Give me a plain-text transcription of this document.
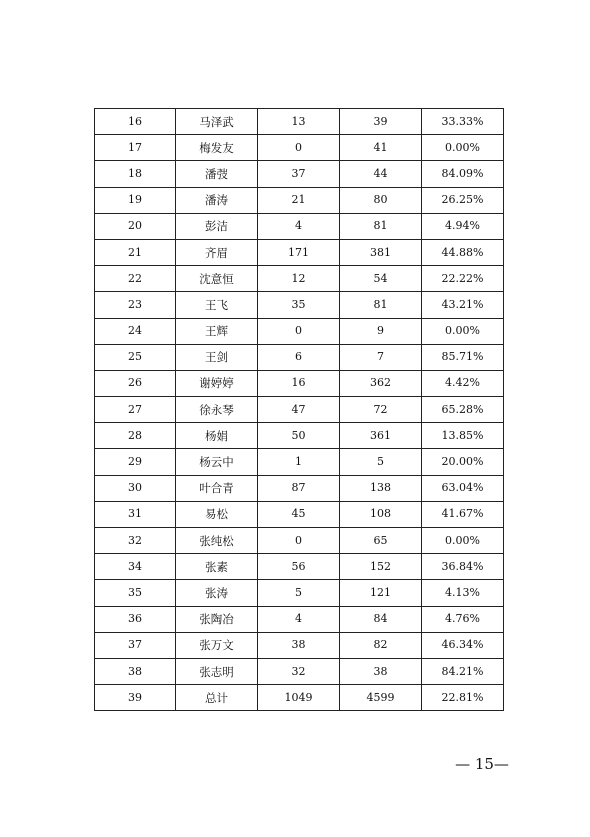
16	马泽武	13	39	33.33%
17	梅发友	0	41	0.00%
18	潘弢	37	44	84.09%
19	潘涛	21	80	26.25%
20	彭洁	4	81	4.94%
21	齐眉	171	381	44.88%
22	沈意恒	12	54	22.22%
23	王飞	35	81	43.21%
24	王辉	0	9	0.00%
25	王剑	6	7	85.71%
26	谢婷婷	16	362	4.42%
27	徐永琴	47	72	65.28%
28	杨娟	50	361	13.85%
29	杨云中	1	5	20.00%
30	叶合青	87	138	63.04%
31	易松	45	108	41.67%
32	张纯松	0	65	0.00%
34	张素	56	152	36.84%
35	张涛	5	121	4.13%
36	张陶冶	4	84	4.76%
37	张万文	38	82	46.34%
38	张志明	32	38	84.21%
39	总计	1049	4599	22.81%
— 15—
